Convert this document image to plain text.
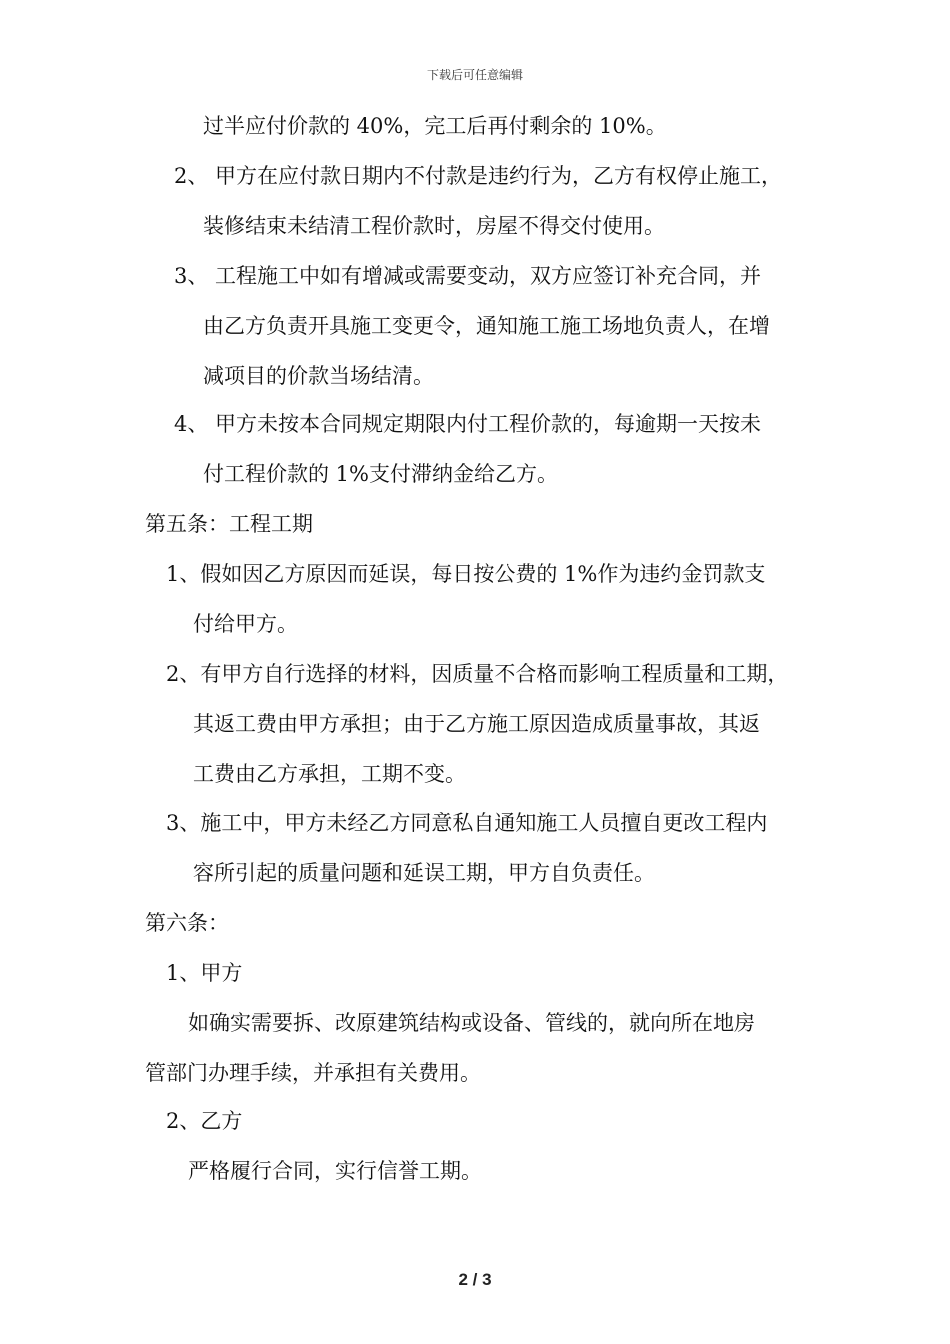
下载后可任意编辑
过半应付价款的 40%，完工后再付剩余的 10%。
2、 甲方在应付款日期内不付款是违约行为，乙方有权停止施工，
装修结束未结清工程价款时，房屋不得交付使用。
3、 工程施工中如有增减或需要变动，双方应签订补充合同，并
由乙方负责开具施工变更令，通知施工施工场地负责人，在增
减项目的价款当场结清。
4、 甲方未按本合同规定期限内付工程价款的，每逾期一天按未
付工程价款的 1%支付滞纳金给乙方。
第五条：工程工期
1、假如因乙方原因而延误，每日按公费的 1%作为违约金罚款支
付给甲方。
2、有甲方自行选择的材料，因质量不合格而影响工程质量和工期，
其返工费由甲方承担；由于乙方施工原因造成质量事故，其返
工费由乙方承担，工期不变。
3、施工中，甲方未经乙方同意私自通知施工人员擅自更改工程内
容所引起的质量问题和延误工期，甲方自负责任。
第六条：
1、甲方
如确实需要拆、改原建筑结构或设备、管线的，就向所在地房
管部门办理手续，并承担有关费用。
2、乙方
严格履行合同，实行信誉工期。
2 / 3
